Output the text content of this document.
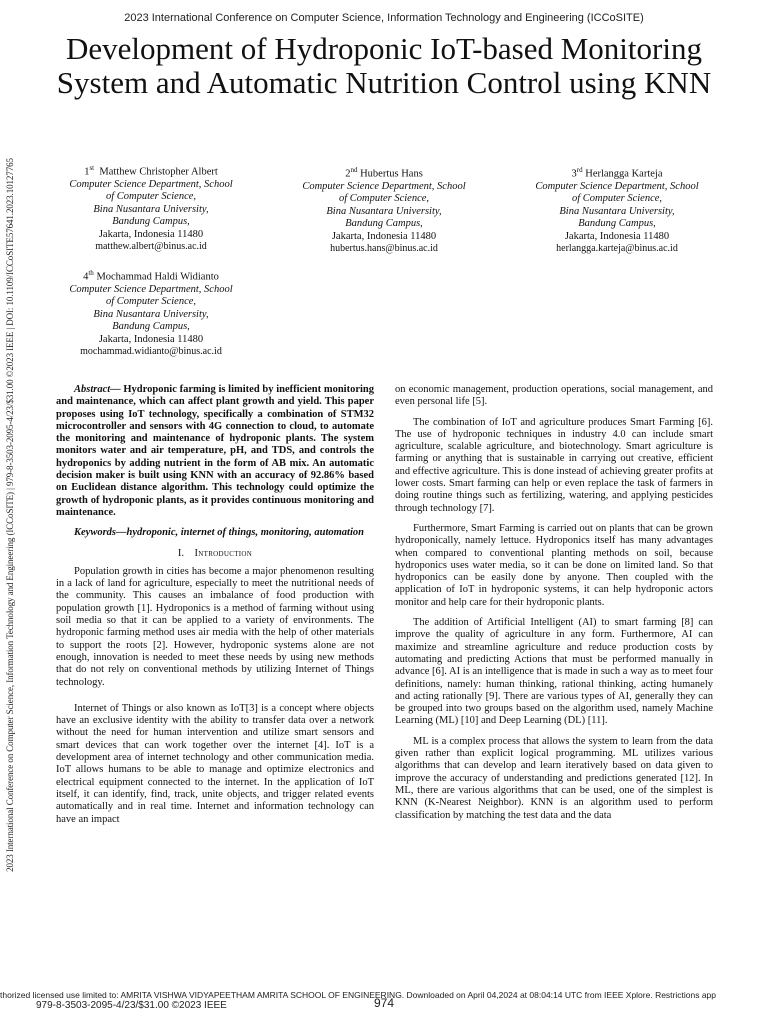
2023 International Conference on Computer Science, Information Technology and Engineering (ICCoSITE)
Development of Hydroponic IoT-based Monitoring System and Automatic Nutrition Control using KNN
2023 International Conference on Computer Science, Information Technology and Engineering (ICCoSITE) | 979-8-3503-2095-4/23/$31.00 ©2023 IEEE | DOI: 10.1109/ICCoSITE57641.2023.10127765	1st Matthew Christopher Albert
Computer Science Department, School
of Computer Science,
Bina Nusantara University,
Bandung Campus,
Jakarta, Indonesia 11480
matthew.albert@binus.ac.id
2nd Hubertus Hans
Computer Science Department, School
of Computer Science,
Bina Nusantara University,
Bandung Campus,
Jakarta, Indonesia 11480
hubertus.hans@binus.ac.id
3rd Herlangga Karteja
Computer Science Department, School
of Computer Science,
Bina Nusantara University,
Bandung Campus,
Jakarta, Indonesia 11480
herlangga.karteja@binus.ac.id
4th Mochammad Haldi Widianto
Computer Science Department, School
of Computer Science,
Bina Nusantara University,
Bandung Campus,
Jakarta, Indonesia 11480
mochammad.widianto@binus.ac.id

Abstract— Hydroponic farming is limited by inefficient monitoring and maintenance, which can affect plant growth and yield. This paper proposes using IoT technology, specifically a combination of STM32 microcontroller and sensors with 4G connection to cloud, to automate the monitoring and maintenance of hydroponic plants. The system monitors water and air temperature, pH, and TDS, and controls the hydroponics by adding nutrient in the form of AB mix. An automatic decision maker is built using KNN with an accuracy of 92.86% based on Euclidean distance algorithm. This technology could optimize the growth of hydroponic plants, as it provides continuous monitoring and maintenance.

Keywords—hydroponic, internet of things, monitoring, automation

I. Introduction

Population growth in cities has become a major phenomenon resulting in a lack of land for agriculture, especially to meet the nutritional needs of the community. This causes an imbalance of food production with population growth [1]. Hydroponics is a method of farming without using soil media so that it can be applied to a variety of environments. The hydroponic farming method uses air media with the help of other materials to support the roots [2]. However, hydroponic systems alone are not enough, innovation is needed to meet these needs by using new methods that do not rely on conventional methods by utilizing Internet of Things technology.

Internet of Things or also known as IoT[3] is a concept where objects have an exclusive identity with the ability to transfer data over a network without the need for human intervention and utilize smart sensors and smart devices that can work together over the internet [4]. IoT is a development area of internet technology and other communication media. IoT allows humans to be able to manage and optimize electronics and electrical equipment connected to the internet. In the application of IoT itself, it can identify, find, track, unite objects, and trigger related events automatically and in real time. Internet and information technology can have an impact

on economic management, production operations, social management, and even personal life [5].

The combination of IoT and agriculture produces Smart Farming [6]. The use of hydroponic techniques in industry 4.0 can include smart agriculture, scalable agriculture, and biotechnology. Smart agriculture is farming or anything that is sustainable in carrying out creative, efficient and effective agriculture. This is done instead of achieving greater profits at lower costs. Smart farming can help or even replace the task of farmers in doing routine things such as fertilizing, watering, and applying pesticides through technology [7].

Furthermore, Smart Farming is carried out on plants that can be grown hydroponically, namely lettuce. Hydroponics itself has many advantages when compared to conventional planting methods on soil, because hydroponics uses water media, so it can be done on limited land. So that hydroponics can be easily done by anyone. Then coupled with the application of IoT in hydroponic systems, it can help hydroponic actors monitor and help care for their hydroponic plants.

The addition of Artificial Intelligent (AI) to smart farming [8] can improve the quality of agriculture in any form. Furthermore, AI can maximize and streamline agriculture and reduce production costs by automating and predicting Actions that must be performed manually in advance [6]. AI is an intelligence that is made in such a way as to meet four definitions, namely: human thinking, rational thinking, acting humanely and acting rationally [9]. There are various types of AI, generally they can be grouped into two groups based on the algorithm used, namely Machine Learning (ML) [10] and Deep Learning (DL) [11].

ML is a complex process that allows the system to learn from the data given rather than explicit logical programming. ML utilizes various algorithms that can develop and learn iteratively based on data given to improve the accuracy of understanding and predictions generated [12]. In ML, there are various algorithms that can be used, one of the simplest is KNN (K-Nearest Neighbor). KNN is an algorithm used to perform classification by matching the test data and the data

thorized licensed use limited to: AMRITA VISHWA VIDYAPEETHAM AMRITA SCHOOL OF ENGINEERING. Downloaded on April 04,2024 at 08:04:14 UTC from IEEE Xplore. Restrictions app
979-8-3503-2095-4/23/$31.00 ©2023 IEEE	974
